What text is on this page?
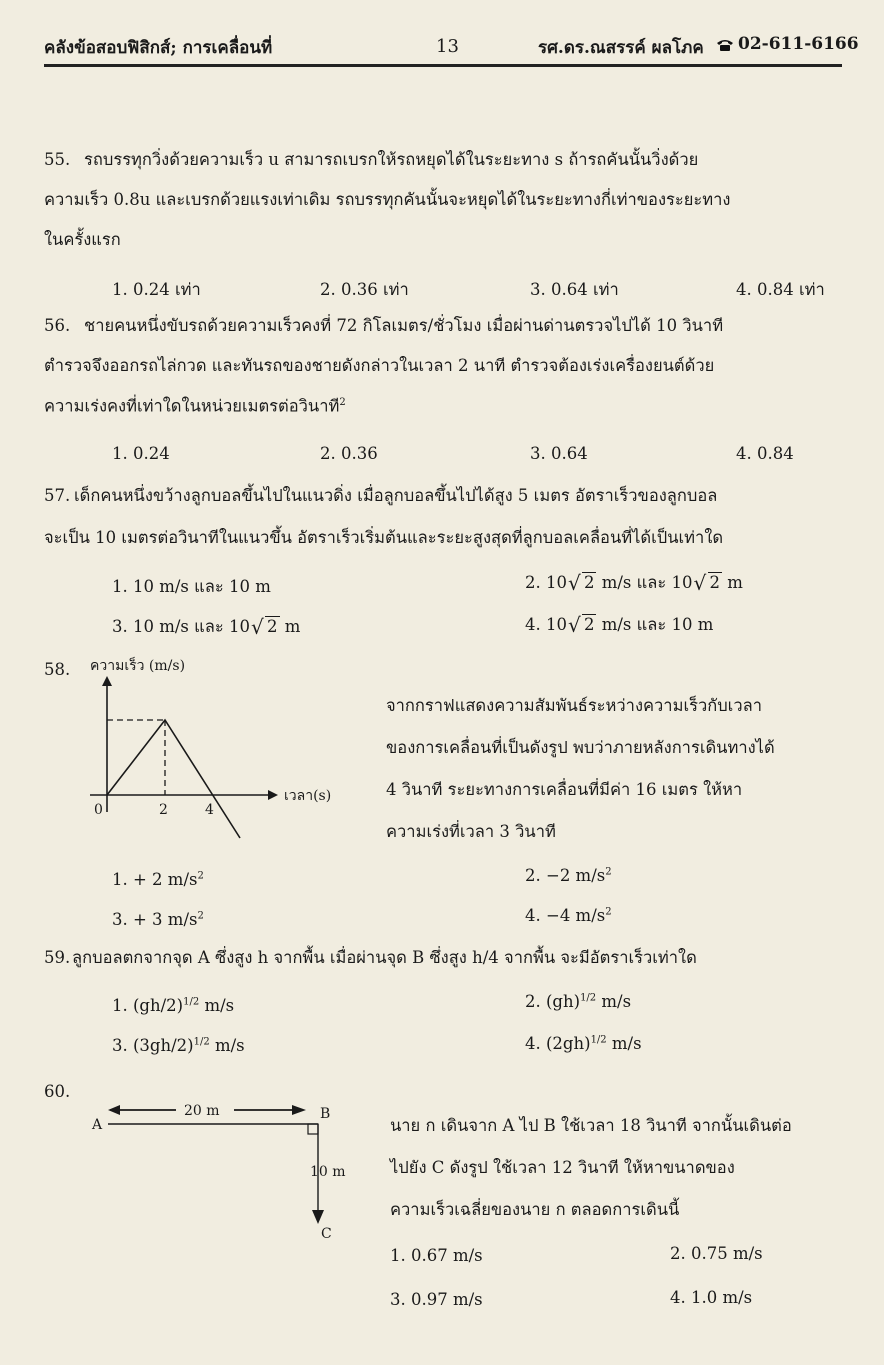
คลังข้อสอบฟิสิกส์; การเคลื่อนที่	13	รศ.ดร.ณสรรค์ ผลโภค 02-611-6166
55. รถบรรทุกวิ่งด้วยความเร็ว u สามารถเบรกให้รถหยุดได้ในระยะทาง s ถ้ารถคันนั้นวิ่งด้วย
ความเร็ว 0.8u และเบรกด้วยแรงเท่าเดิม รถบรรทุกคันนั้นจะหยุดได้ในระยะทางกี่เท่าของระยะทาง
ในครั้งแรก
1. 0.24 เท่า	2. 0.36 เท่า	3. 0.64 เท่า	4. 0.84 เท่า
56. ชายคนหนึ่งขับรถด้วยความเร็วคงที่ 72 กิโลเมตร/ชั่วโมง เมื่อผ่านด่านตรวจไปได้ 10 วินาที
ตำรวจจึงออกรถไล่กวด และทันรถของชายดังกล่าวในเวลา 2 นาที ตำรวจต้องเร่งเครื่องยนต์ด้วย
ความเร่งคงที่เท่าใดในหน่วยเมตรต่อวินาที$^2$
1. 0.24	2. 0.36	3. 0.64	4. 0.84
57. เด็กคนหนึ่งขว้างลูกบอลขึ้นไปในแนวดิ่ง เมื่อลูกบอลขึ้นไปได้สูง 5 เมตร อัตราเร็วของลูกบอล
จะเป็น 10 เมตรต่อวินาทีในแนวขึ้น อัตราเร็วเริ่มต้นและระยะสูงสุดที่ลูกบอลเคลื่อนที่ได้เป็นเท่าใด
1. 10 m/s และ 10 m	2. 10 √ 2 m/s และ 10 √ 2 m
3. 10 m/s และ 10 √ 2 m	4. 10 √ 2 m/s และ 10 m
58. ความเร็ว (m/s)
เวลา(s)
0	2	4
จากกราฟแสดงความสัมพันธ์ระหว่างความเร็วกับเวลา
ของการเคลื่อนที่เป็นดังรูป พบว่าภายหลังการเดินทางได้
4 วินาที ระยะทางการเคลื่อนที่มีค่า 16 เมตร ให้หา
ความเร่งที่เวลา 3 วินาที
1. + 2 $m/s^2$	2. −2 $m/s^2$
3. + 3 $m/s^2$	4. −4 $m/s^2$
59. ลูกบอลตกจากจุด A ซึ่งสูง h จากพื้น เมื่อผ่านจุด B ซึ่งสูง h/4 จากพื้น จะมีอัตราเร็วเท่าใด
1. $(gh/2)^{1/2}$ m/s	2. (gh)$^{1/2}$ m/s
3. $(3gh/2)^{1/2}$ m/s	4. $(2gh)^{1/2}$ m/s
60.
A
B
C
20 m
10 m
นาย ก เดินจาก A ไป B ใช้เวลา 18 วินาที จากนั้นเดินต่อ
ไปยัง C ดังรูป ใช้เวลา 12 วินาที ให้หาขนาดของ
ความเร็วเฉลี่ยของนาย ก ตลอดการเดินนี้
1. 0.67 m/s	2. 0.75 m/s
3. 0.97 m/s	4. 1.0 m/s
